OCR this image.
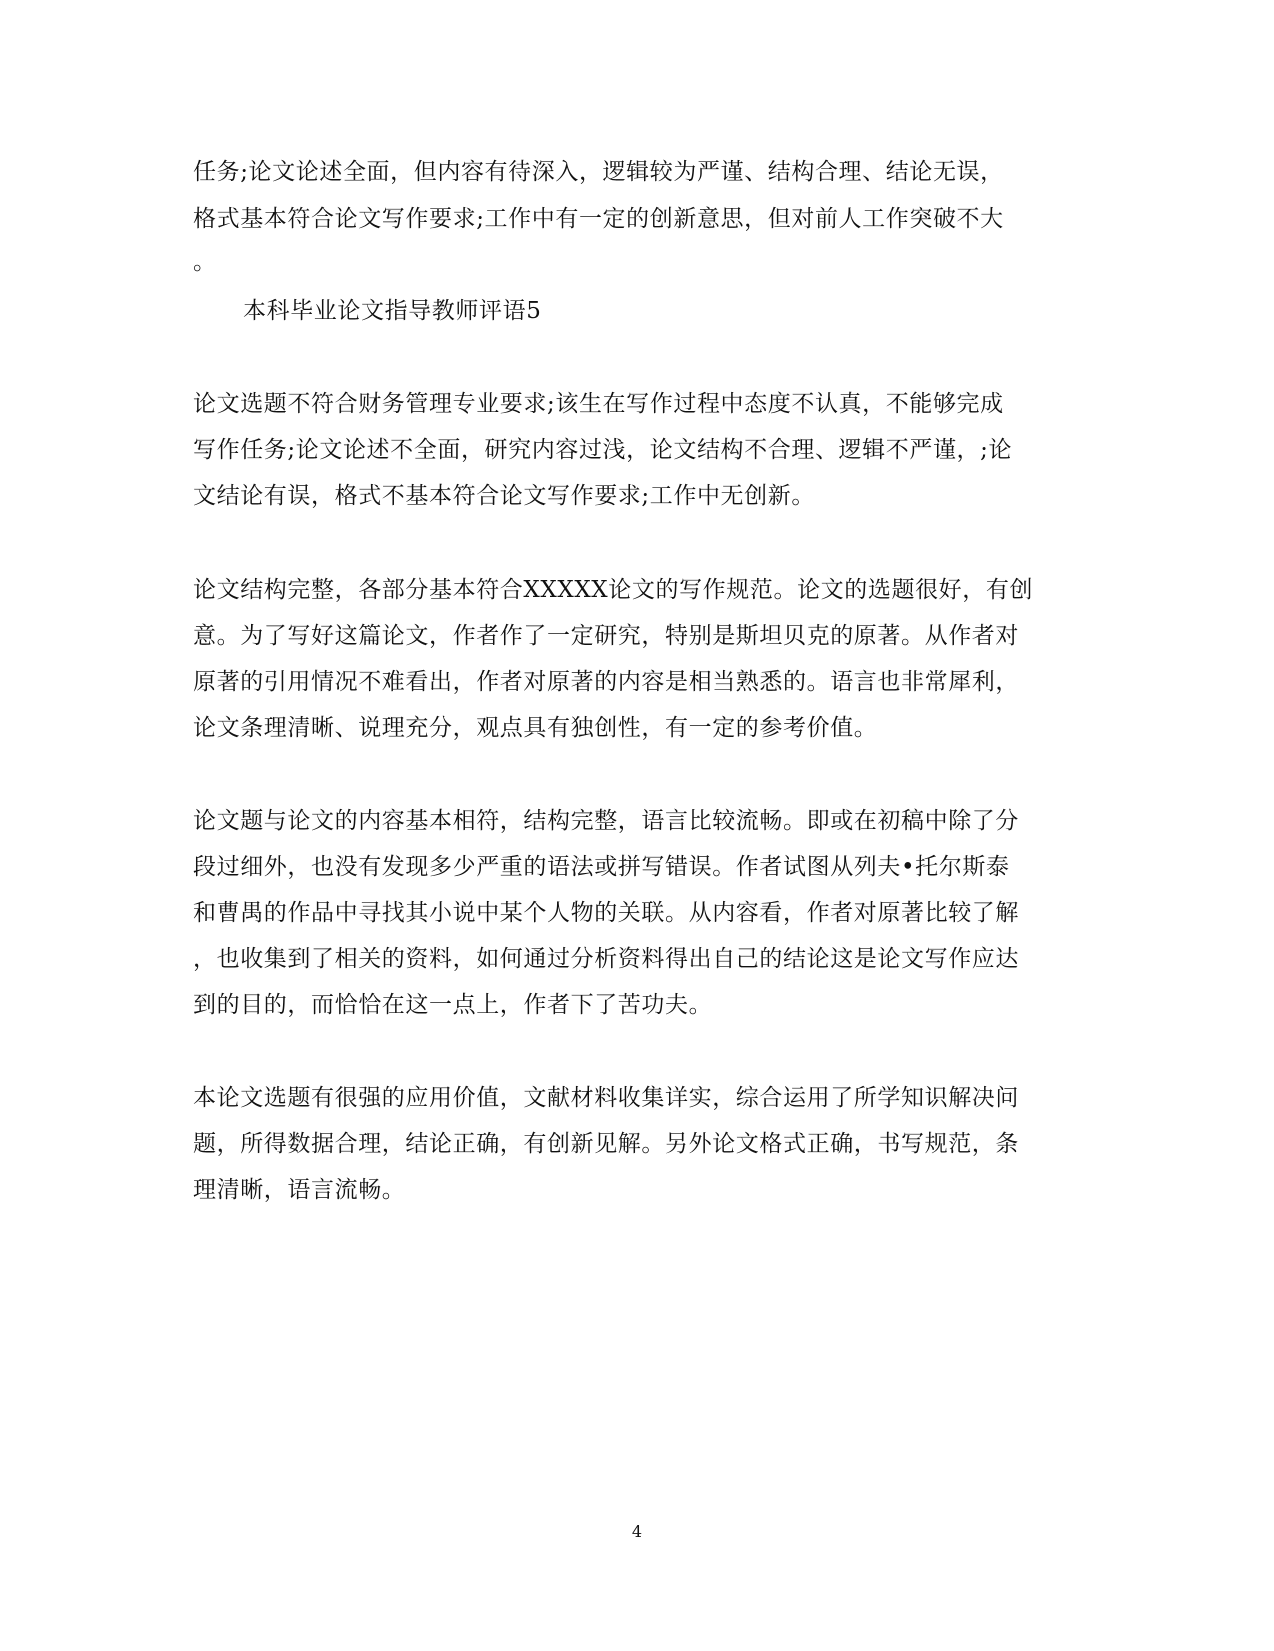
任务;论文论述全面，但内容有待深入，逻辑较为严谨、结构合理、结论无误，
格式基本符合论文写作要求;工作中有一定的创新意思，但对前人工作突破不大
。
本科毕业论文指导教师评语5
论文选题不符合财务管理专业要求;该生在写作过程中态度不认真，不能够完成
写作任务;论文论述不全面，研究内容过浅，论文结构不合理、逻辑不严谨，;论
文结论有误，格式不基本符合论文写作要求;工作中无创新。
论文结构完整，各部分基本符合XXXXX论文的写作规范。论文的选题很好，有创
意。为了写好这篇论文，作者作了一定研究，特别是斯坦贝克的原著。从作者对
原著的引用情况不难看出，作者对原著的内容是相当熟悉的。语言也非常犀利，
论文条理清晰、说理充分，观点具有独创性，有一定的参考价值。
论文题与论文的内容基本相符，结构完整，语言比较流畅。即或在初稿中除了分
段过细外，也没有发现多少严重的语法或拼写错误。作者试图从列夫•托尔斯泰
和曹禺的作品中寻找其小说中某个人物的关联。从内容看，作者对原著比较了解
，也收集到了相关的资料，如何通过分析资料得出自己的结论这是论文写作应达
到的目的，而恰恰在这一点上，作者下了苦功夫。
本论文选题有很强的应用价值，文献材料收集详实，综合运用了所学知识解决问
题，所得数据合理，结论正确，有创新见解。另外论文格式正确，书写规范，条
理清晰，语言流畅。
4
